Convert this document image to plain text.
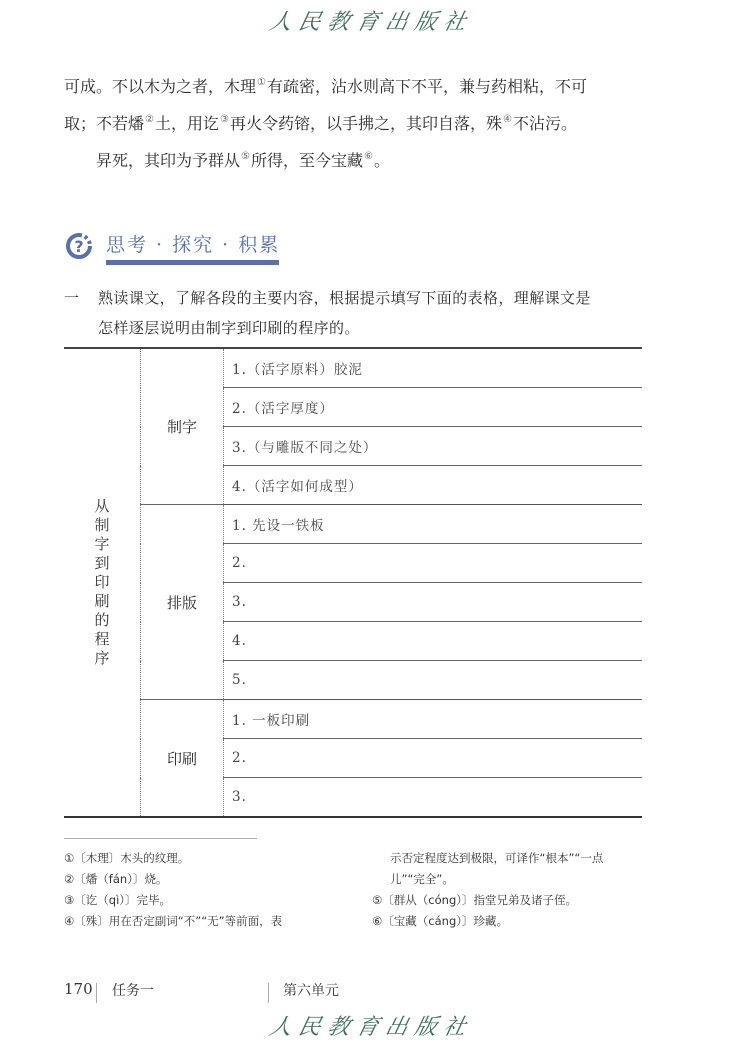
人民教育出版社
可成。不以木为之者，木理①有疏密，沾水则高下不平，兼与药相粘，不可
取；不若燔②土，用讫③再火令药镕，以手拂之，其印自落，殊④不沾污。
昇死，其印为予群从⑤所得，至今宝藏⑥。
? 思考 · 探究 · 积累
一 熟读课文，了解各段的主要内容，根据提示填写下面的表格，理解课文是
怎样逐层说明由制字到印刷的程序的。
从制字到印刷的程序	制字	1.（活字原料）胶泥
		2.（活字厚度）
		3.（与雕版不同之处）
		4.（活字如何成型）
	排版	1. 先设一铁板
		2.
		3.
		4.
		5.
	印刷	1. 一板印刷
		2.
		3.
①〔木理〕木头的纹理。
②〔燔（fán）〕烧。
③〔讫（qì）〕完毕。
④〔殊〕用在否定副词“不”“无”等前面，表
示否定程度达到极限，可译作“根本”“一点
儿”“完全”。
⑤〔群从（cóng）〕指堂兄弟及诸子侄。
⑥〔宝藏（cáng）〕珍藏。
170 任务一	第六单元
人民教育出版社
